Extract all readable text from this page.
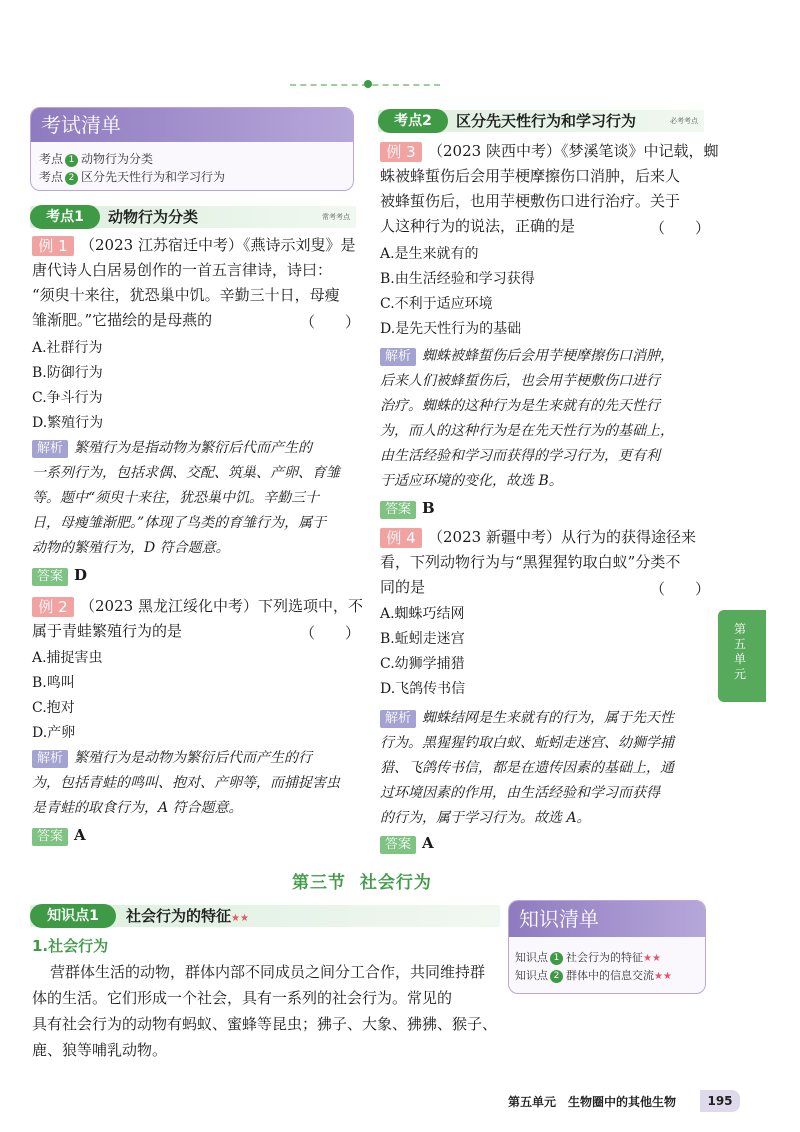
考试清单
考点 1 动物行为分类
考点 2 区分先天性行为和学习行为
考点1	动物行为分类	常考考点
例 1 （2023 江苏宿迁中考）《燕诗示刘叟》是
唐代诗人白居易创作的一首五言律诗，诗曰：
“须臾十来往，犹恐巢中饥。辛勤三十日，母瘦
雏渐肥。”它描绘的是母燕的	（　　）
A.社群行为
B.防御行为
C.争斗行为
D.繁殖行为
解析 繁殖行为是指动物为繁衍后代而产生的
一系列行为，包括求偶、交配、筑巢、产卵、育雏
等。题中“须臾十来往，犹恐巢中饥。辛勤三十
日，母瘦雏渐肥。”体现了鸟类的育雏行为，属于
动物的繁殖行为，D 符合题意。
答案 D
例 2 （2023 黑龙江绥化中考）下列选项中，不
属于青蛙繁殖行为的是	（　　）
A.捕捉害虫
B.鸣叫
C.抱对
D.产卵
解析 繁殖行为是动物为繁衍后代而产生的行
为，包括青蛙的鸣叫、抱对、产卵等，而捕捉害虫
是青蛙的取食行为，A 符合题意。
答案 A
考点2	区分先天性行为和学习行为	必考考点
例 3 （2023 陕西中考）《梦溪笔谈》中记载，蜘
蛛被蜂蜇伤后会用芋梗摩擦伤口消肿，后来人
被蜂蜇伤后，也用芋梗敷伤口进行治疗。关于
人这种行为的说法，正确的是	（　　）
A.是生来就有的
B.由生活经验和学习获得
C.不利于适应环境
D.是先天性行为的基础
解析 蜘蛛被蜂蜇伤后会用芋梗摩擦伤口消肿，
后来人们被蜂蜇伤后，也会用芋梗敷伤口进行
治疗。蜘蛛的这种行为是生来就有的先天性行
为，而人的这种行为是在先天性行为的基础上，
由生活经验和学习而获得的学习行为，更有利
于适应环境的变化，故选 B。
答案 B
例 4 （2023 新疆中考）从行为的获得途径来
看，下列动物行为与“黑猩猩钓取白蚁”分类不
同的是	（　　）
A.蜘蛛巧结网
B.蚯蚓走迷宫
C.幼狮学捕猎
D.飞鸽传书信
解析 蜘蛛结网是生来就有的行为，属于先天性
行为。黑猩猩钓取白蚁、蚯蚓走迷宫、幼狮学捕
猎、飞鸽传书信，都是在遗传因素的基础上，通
过环境因素的作用，由生活经验和学习而获得
的行为，属于学习行为。故选 A。
答案 A
第五单元
第三节 社会行为
知识点1	社会行为的特征★★
1.社会行为
营群体生活的动物，群体内部不同成员之间分工合作，共同维持群
体的生活。它们形成一个社会，具有一系列的社会行为。常见的
具有社会行为的动物有蚂蚁、蜜蜂等昆虫；狒子、大象、狒狒、猴子、
鹿、狼等哺乳动物。
知识清单
知识点 1 社会行为的特征★★
知识点 2 群体中的信息交流★★
第五单元　生物圈中的其他生物	195
